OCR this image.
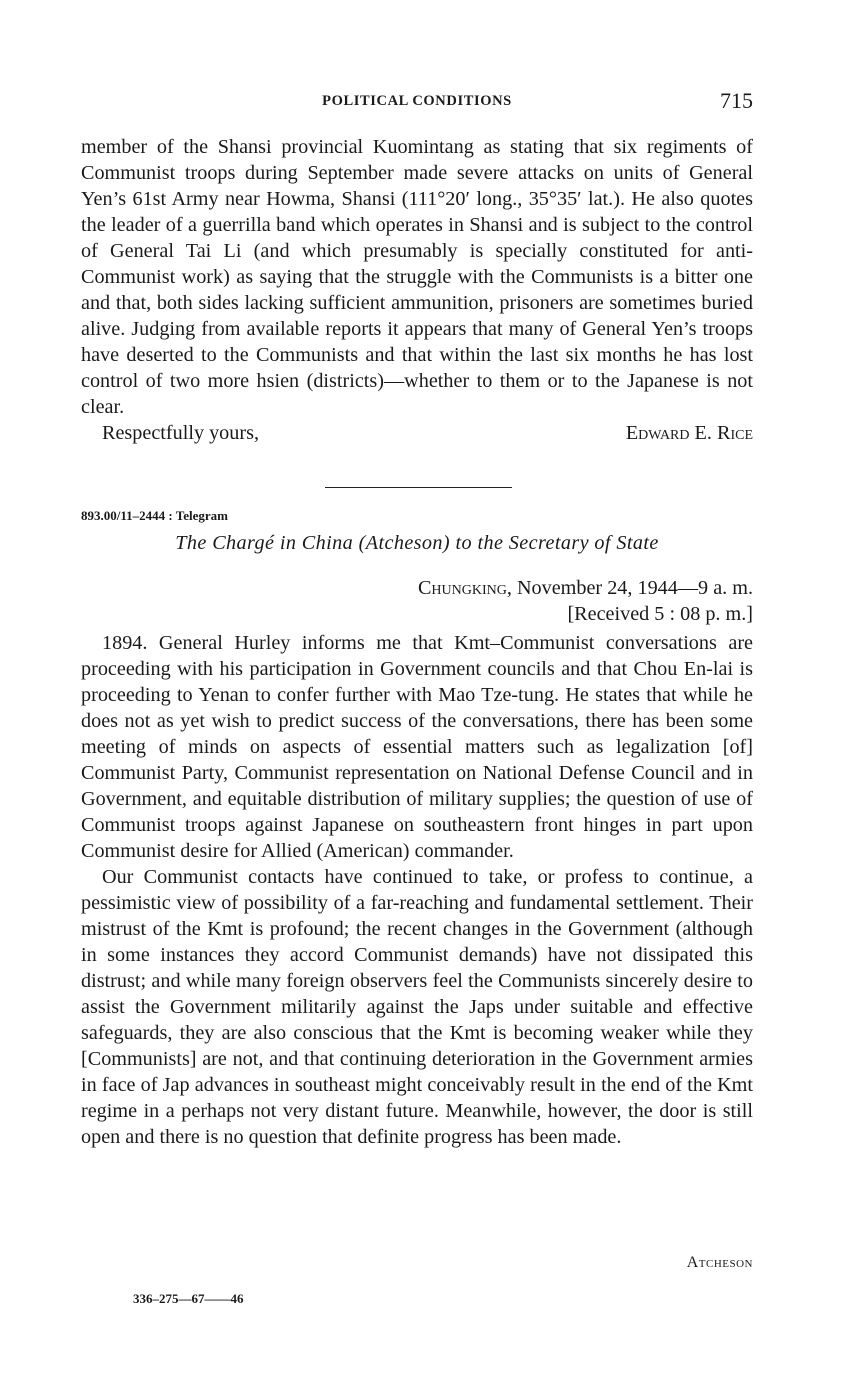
POLITICAL CONDITIONS	715

member of the Shansi provincial Kuomintang as stating that six regiments of Communist troops during September made severe attacks on units of General Yen’s 61st Army near Howma, Shansi (111°20′ long., 35°35′ lat.). He also quotes the leader of a guerrilla band which operates in Shansi and is subject to the control of General Tai Li (and which presumably is specially constituted for anti-Communist work) as saying that the struggle with the Communists is a bitter one and that, both sides lacking sufficient ammunition, prisoners are sometimes buried alive. Judging from available reports it appears that many of General Yen’s troops have deserted to the Communists and that within the last six months he has lost control of two more hsien (districts)—whether to them or to the Japanese is not clear.

Respectfully yours,	Edward E. Rice
893.00/11–2444 : Telegram
The Chargé in China (Atcheson) to the Secretary of State
Chungking, November 24, 1944—9 a. m.
[Received 5 : 08 p. m.]

1894. General Hurley informs me that Kmt–Communist conversations are proceeding with his participation in Government councils and that Chou En-lai is proceeding to Yenan to confer further with Mao Tze-tung. He states that while he does not as yet wish to predict success of the conversations, there has been some meeting of minds on aspects of essential matters such as legalization [of] Communist Party, Communist representation on National Defense Council and in Government, and equitable distribution of military supplies; the question of use of Communist troops against Japanese on southeastern front hinges in part upon Communist desire for Allied (American) commander.

Our Communist contacts have continued to take, or profess to continue, a pessimistic view of possibility of a far-reaching and fundamental settlement. Their mistrust of the Kmt is profound; the recent changes in the Government (although in some instances they accord Communist demands) have not dissipated this distrust; and while many foreign observers feel the Communists sincerely desire to assist the Government militarily against the Japs under suitable and effective safeguards, they are also conscious that the Kmt is becoming weaker while they [Communists] are not, and that continuing deterioration in the Government armies in face of Jap advances in southeast might conceivably result in the end of the Kmt regime in a perhaps not very distant future. Meanwhile, however, the door is still open and there is no question that definite progress has been made.

Atcheson
336–275—67——46
